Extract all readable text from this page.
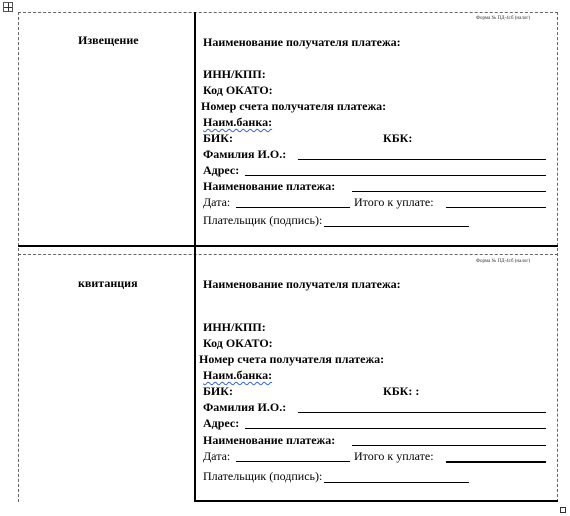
Извещение
Форма № ПД-4сб (налог)
Наименование получателя платежа:
ИНН/КПП:
Код ОКАТО:
Номер счета получателя платежа:
Наим.банка:
БИК:	КБК:
Фамилия И.О.:
Адрес:
Наименование платежа:
Дата:	Итого к уплате:
Плательщик (подпись):
квитанция
Форма № ПД-4сб (налог)
Наименование получателя платежа:
ИНН/КПП:
Код ОКАТО:
Номер счета получателя платежа:
Наим.банка:
БИК:	КБК: :
Фамилия И.О.:
Адрес:
Наименование платежа:
Дата:	Итого к уплате:
Плательщик (подпись):
